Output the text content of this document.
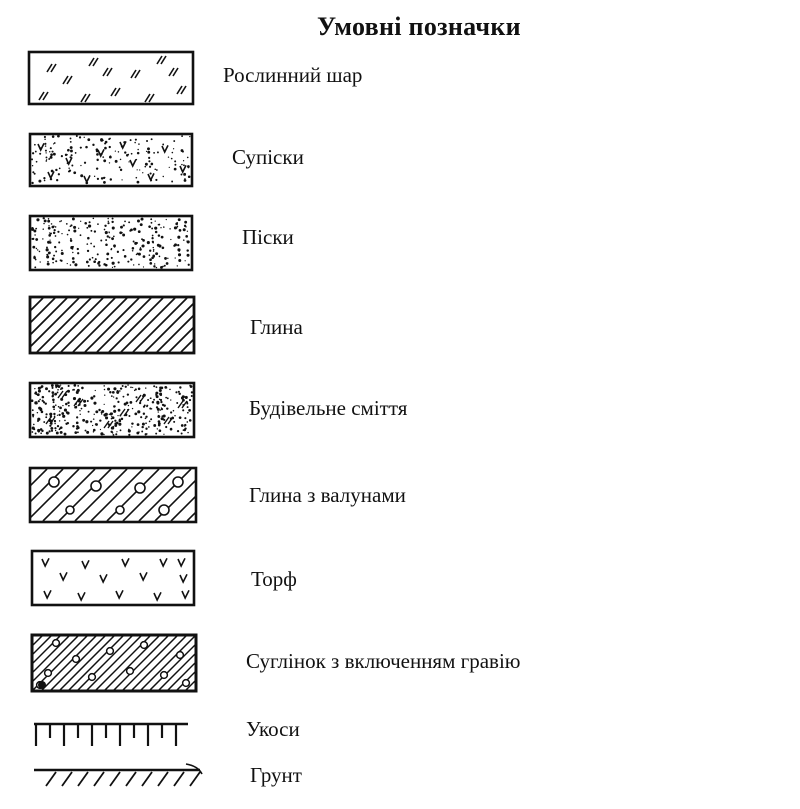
Умовні позначки
Рослинний шар
Супіски
Піски
Глина
Будівельне сміття
Глина з валунами
Торф
Суглінок з включенням гравію
Укоси
Грунт
